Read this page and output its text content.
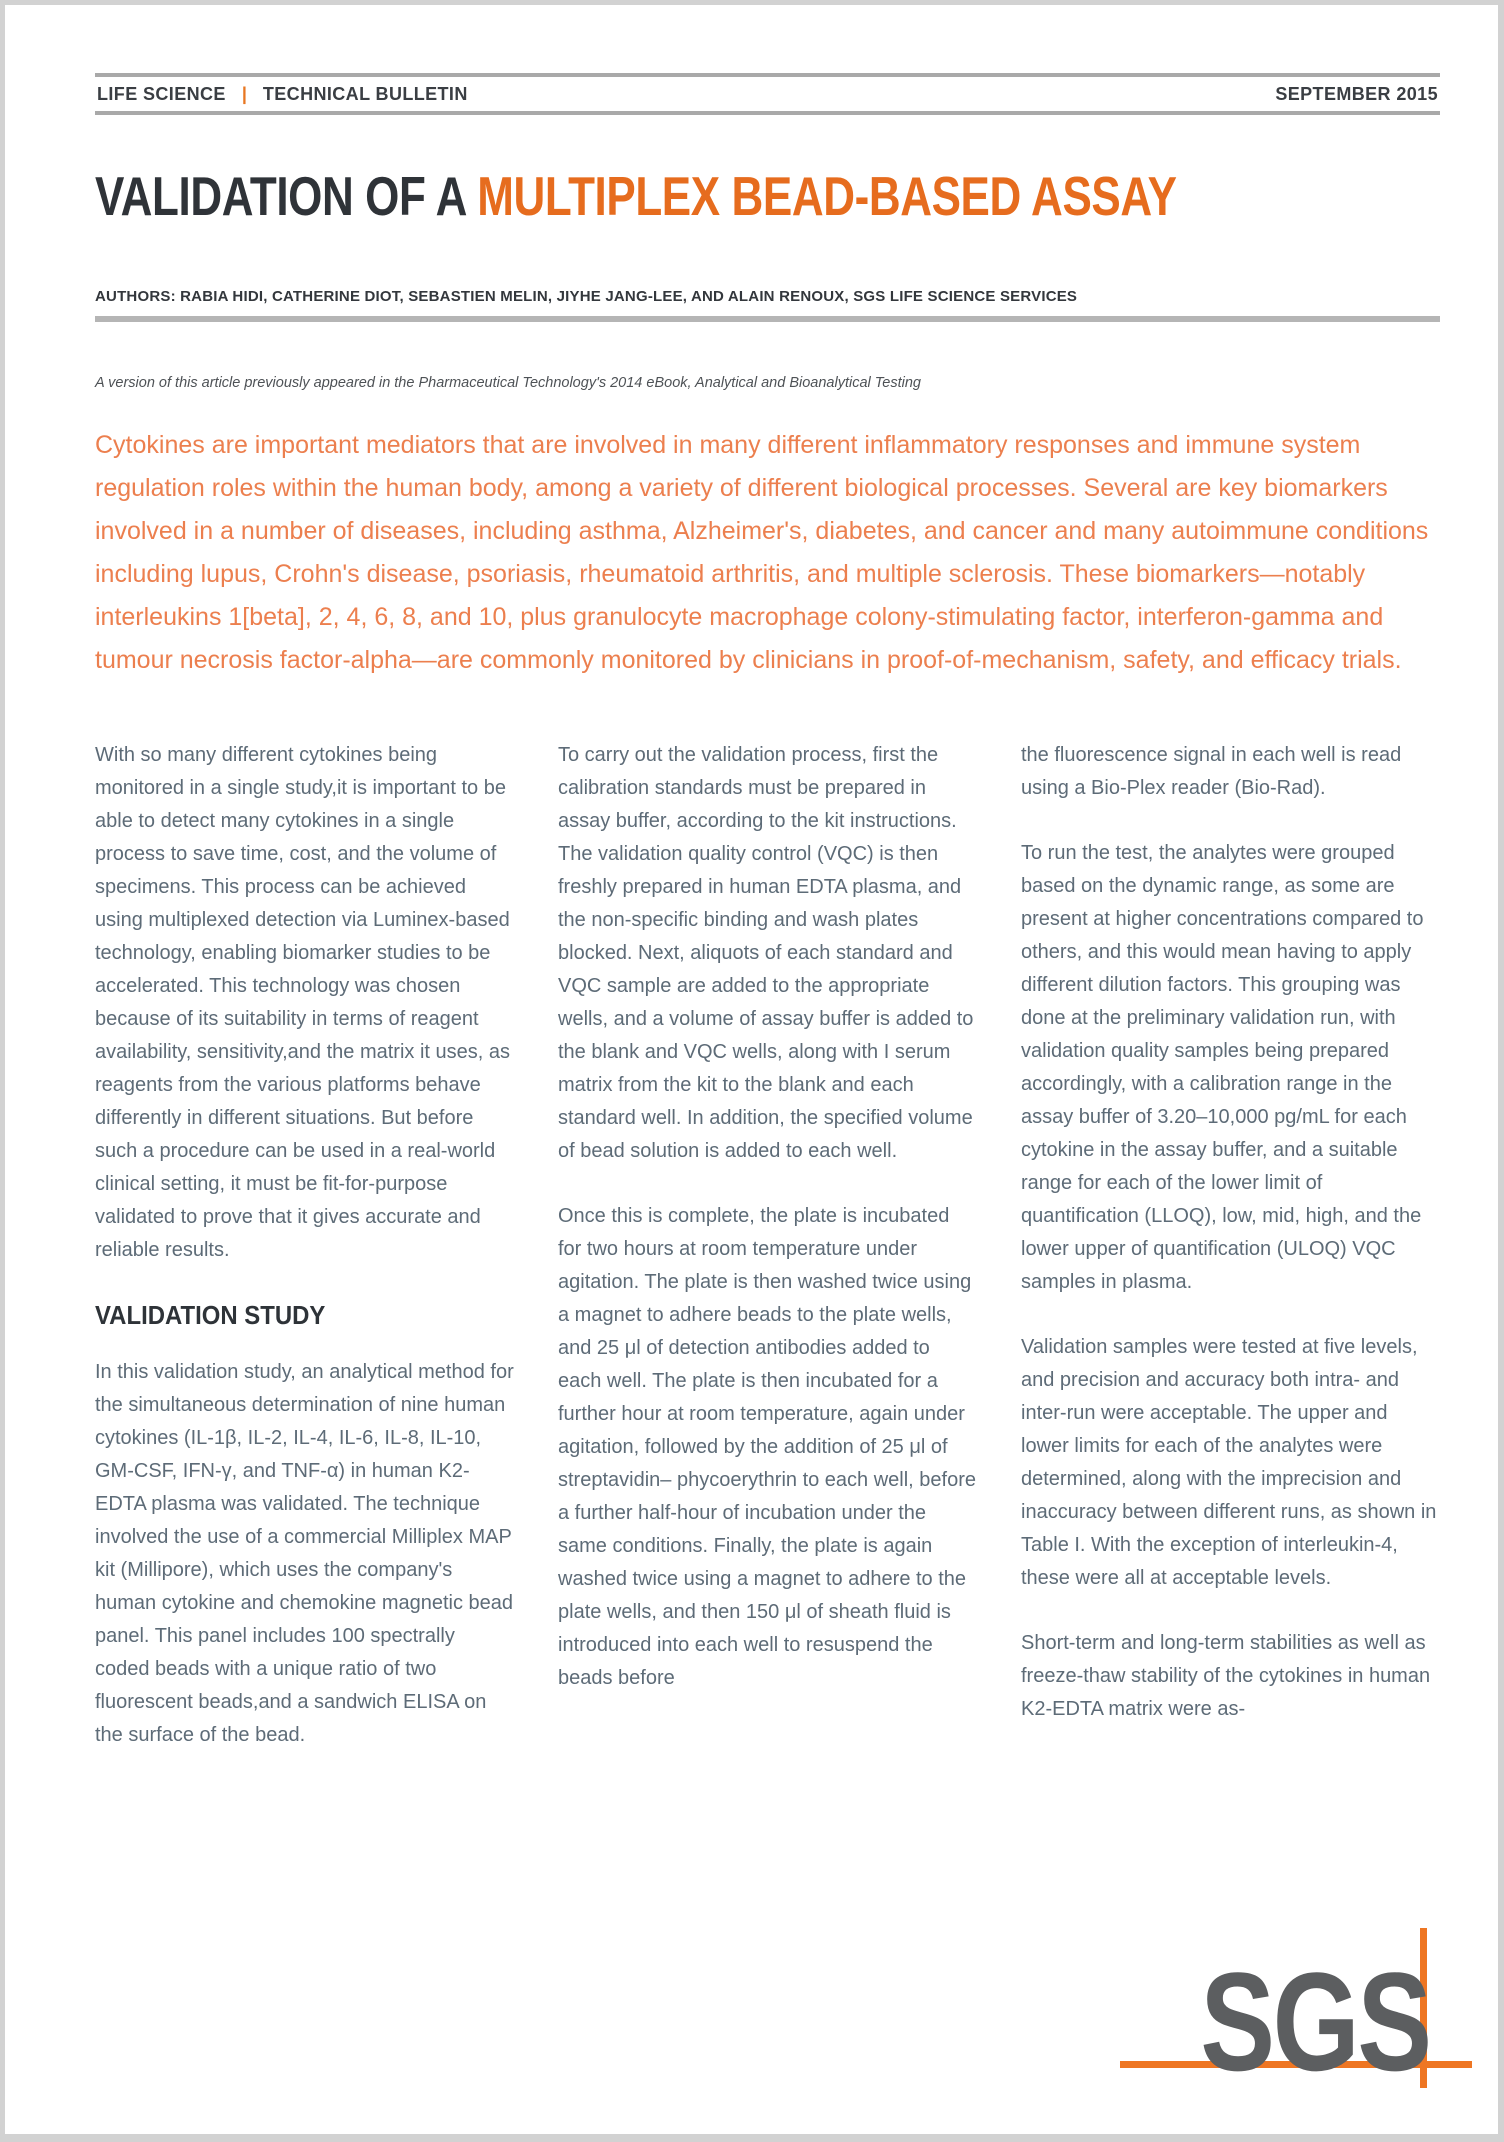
LIFE SCIENCE | TECHNICAL BULLETIN	SEPTEMBER 2015
VALIDATION OF A MULTIPLEX BEAD-BASED ASSAY
AUTHORS: RABIA HIDI, CATHERINE DIOT, SEBASTIEN MELIN, JIYHE JANG-LEE, AND ALAIN RENOUX, SGS LIFE SCIENCE SERVICES
A version of this article previously appeared in the Pharmaceutical Technology's 2014 eBook, Analytical and Bioanalytical Testing

Cytokines are important mediators that are involved in many different inflammatory responses and immune system regulation roles within the human body, among a variety of different biological processes. Several are key biomarkers involved in a number of diseases, including asthma, Alzheimer's, diabetes, and cancer and many autoimmune conditions including lupus, Crohn's disease, psoriasis, rheumatoid arthritis, and multiple sclerosis. These biomarkers—notably interleukins 1[beta], 2, 4, 6, 8, and 10, plus granulocyte macrophage colony-stimulating factor, interferon-gamma and tumour necrosis factor-alpha—are commonly monitored by clinicians in proof-of-mechanism, safety, and efficacy trials.

With so many different cytokines being monitored in a single study,it is important to be able to detect many cytokines in a single process to save time, cost, and the volume of specimens. This process can be achieved using multiplexed detection via Luminex-based technology, enabling biomarker studies to be accelerated. This technology was chosen because of its suitability in terms of reagent availability, sensitivity,and the matrix it uses, as reagents from the various platforms behave differently in different situations. But before such a procedure can be used in a real-world clinical setting, it must be fit-for-purpose validated to prove that it gives accurate and reliable results.

VALIDATION STUDY

In this validation study, an analytical method for the simultaneous determination of nine human cytokines (IL-1β, IL-2, IL-4, IL-6, IL-8, IL-10, GM-CSF, IFN-γ, and TNF-α) in human K2-EDTA plasma was validated. The technique involved the use of a commercial Milliplex MAP kit (Millipore), which uses the company's human cytokine and chemokine magnetic bead panel. This panel includes 100 spectrally coded beads with a unique ratio of two fluorescent beads,and a sandwich ELISA on the surface of the bead.

To carry out the validation process, first the calibration standards must be prepared in assay buffer, according to the kit instructions. The validation quality control (VQC) is then freshly prepared in human EDTA plasma, and the non-specific binding and wash plates blocked. Next, aliquots of each standard and VQC sample are added to the appropriate wells, and a volume of assay buffer is added to the blank and VQC wells, along with I serum matrix from the kit to the blank and each standard well. In addition, the specified volume of bead solution is added to each well.

Once this is complete, the plate is incubated for two hours at room temperature under agitation. The plate is then washed twice using a magnet to adhere beads to the plate wells, and 25 μl of detection antibodies added to each well. The plate is then incubated for a further hour at room temperature, again under agitation, followed by the addition of 25 μl of streptavidin– phycoerythrin to each well, before a further half-hour of incubation under the same conditions. Finally, the plate is again washed twice using a magnet to adhere to the plate wells, and then 150 μl of sheath fluid is introduced into each well to resuspend the beads before

the fluorescence signal in each well is read using a Bio-Plex reader (Bio-Rad).

To run the test, the analytes were grouped based on the dynamic range, as some are present at higher concentrations compared to others, and this would mean having to apply different dilution factors. This grouping was done at the preliminary validation run, with validation quality samples being prepared accordingly, with a calibration range in the assay buffer of 3.20–10,000 pg/mL for each cytokine in the assay buffer, and a suitable range for each of the lower limit of quantification (LLOQ), low, mid, high, and the lower upper of quantification (ULOQ) VQC samples in plasma.

Validation samples were tested at five levels, and precision and accuracy both intra- and inter-run were acceptable. The upper and lower limits for each of the analytes were determined, along with the imprecision and inaccuracy between different runs, as shown in Table I. With the exception of interleukin-4, these were all at acceptable levels.

Short-term and long-term stabilities as well as freeze-thaw stability of the cytokines in human K2-EDTA matrix were as-

SGS
